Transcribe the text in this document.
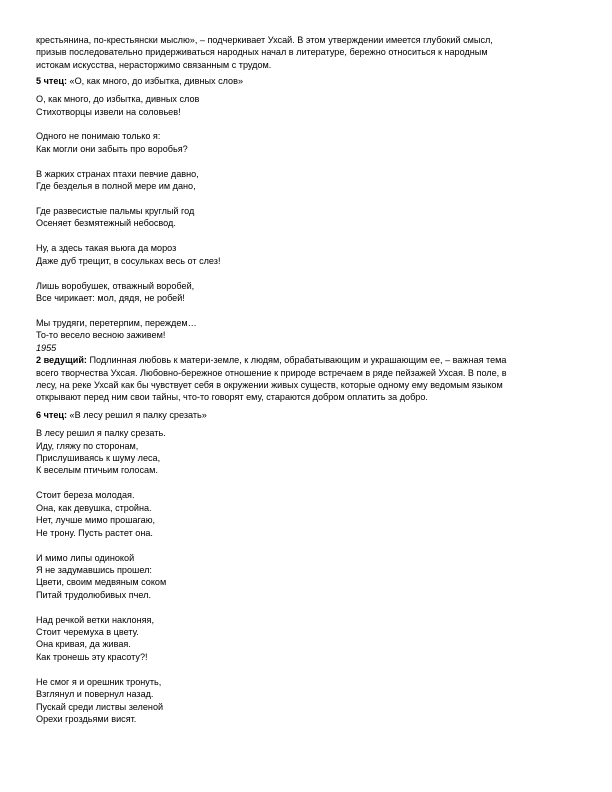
крестьянина, по-крестьянски мыслю», – подчеркивает Ухсай. В этом утверждении имеется глубокий смысл,
призыв последовательно придерживаться народных начал в литературе, бережно относиться к народным
истокам искусства, нерасторжимо связанным с трудом.
5 чтец: «О, как много, до избытка, дивных слов»
О, как много, до избытка, дивных слов
Стихотворцы извели на соловьев!
Одного не понимаю только я:
Как могли они забыть про воробья?
В жарких странах птахи певчие давно,
Где безделья в полной мере им дано,
Где развесистые пальмы круглый год
Осеняет безмятежный небосвод.
Ну, а здесь такая вьюга да мороз
Даже дуб трещит, в сосульках весь от слез!
Лишь воробушек, отважный воробей,
Все чирикает: мол, дядя, не робей!
Мы трудяги, перетерпим, переждем…
То-то весело весною заживем!
1955
2 ведущий: Подлинная любовь к матери-земле, к людям, обрабатывающим и украшающим ее, – важная тема
всего творчества Ухсая. Любовно-бережное отношение к природе встречаем в ряде пейзажей Ухсая. В поле, в
лесу, на реке Ухсай как бы чувствует себя в окружении живых существ, которые одному ему ведомым языком
открывают перед ним свои тайны, что-то говорят ему, стараются добром оплатить за добро.
6 чтец: «В лесу решил я палку срезать»
В лесу решил я палку срезать.
Иду, гляжу по сторонам,
Прислушиваясь к шуму леса,
К веселым птичьим голосам.
Стоит береза молодая.
Она, как девушка, стройна.
Нет, лучше мимо прошагаю,
Не трону. Пусть растет она.
И мимо липы одинокой
Я не задумавшись прошел:
Цвети, своим медвяным соком
Питай трудолюбивых пчел.
Над речкой ветки наклоняя,
Стоит черемуха в цвету.
Она кривая, да живая.
Как тронешь эту красоту?!
Не смог я и орешник тронуть,
Взглянул и повернул назад.
Пускай среди листвы зеленой
Орехи гроздьями висят.
